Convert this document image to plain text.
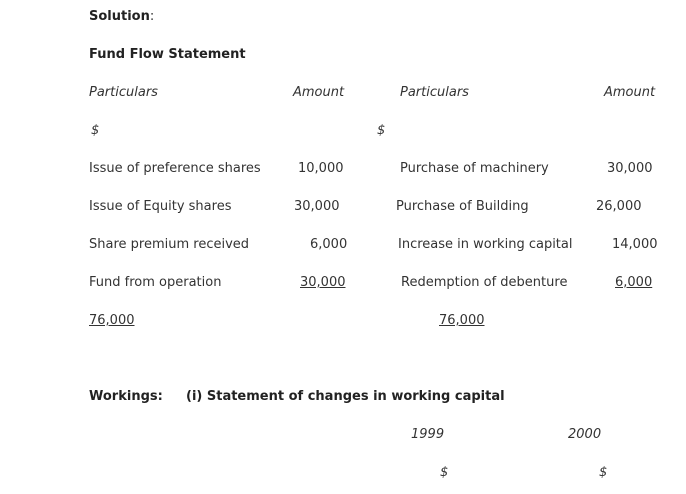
Solution:
Fund Flow Statement
Particulars	Amount	Particulars	Amount
$	$
Issue of preference shares	10,000	Purchase of machinery	30,000
Issue of Equity shares	30,000	Purchase of Building	26,000
Share premium received	6,000	Increase in working capital	14,000
Fund from operation	30,000	Redemption of debenture	6,000
76,000	76,000
Workings: (i) Statement of changes in working capital
1999	2000
$	$
